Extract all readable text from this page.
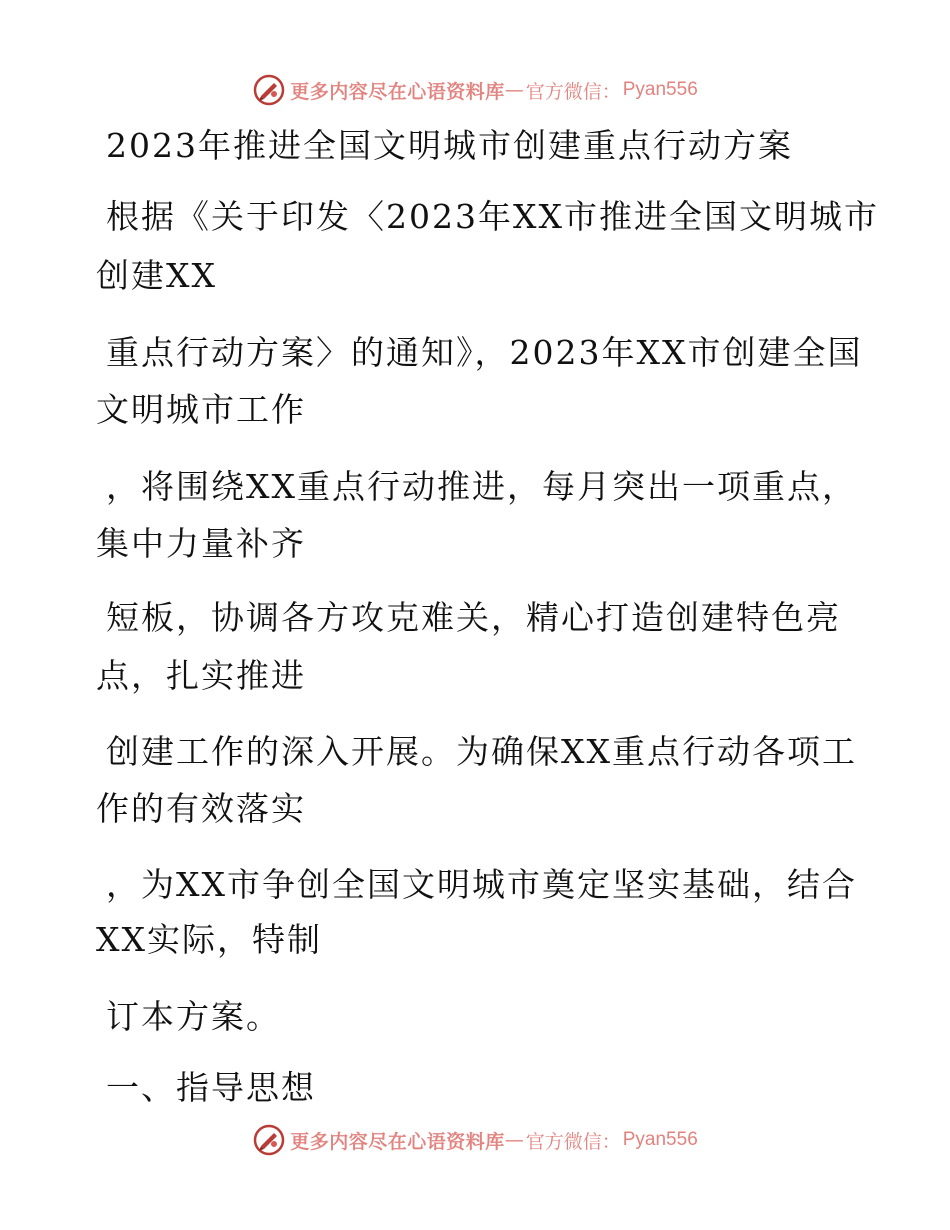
更多内容尽在心语资料库 — 官方微信： Pyan556
2023年推进全国文明城市创建重点行动方案
根据《关于印发〈2023年XX市推进全国文明城市
创建XX
重点行动方案〉的通知》，2023年XX市创建全国
文明城市工作
，将围绕XX重点行动推进，每月突出一项重点，
集中力量补齐
短板，协调各方攻克难关，精心打造创建特色亮
点，扎实推进
创建工作的深入开展。为确保XX重点行动各项工
作的有效落实
，为XX市争创全国文明城市奠定坚实基础，结合
XX实际，特制
订本方案。
一、指导思想
更多内容尽在心语资料库 — 官方微信： Pyan556
